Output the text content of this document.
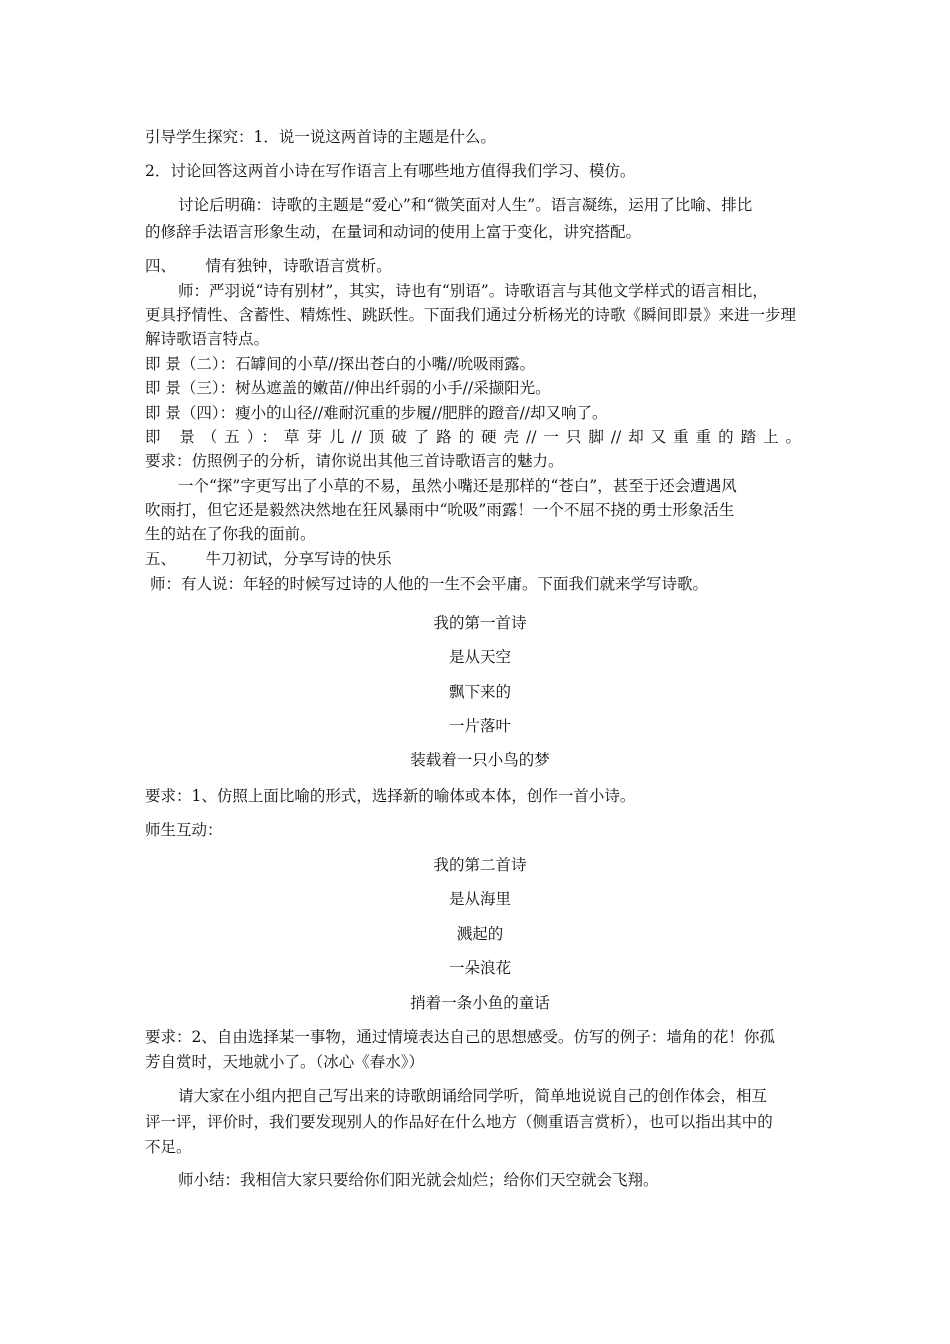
引导学生探究：1．说一说这两首诗的主题是什么。
2．讨论回答这两首小诗在写作语言上有哪些地方值得我们学习、模仿。
讨论后明确：诗歌的主题是“爱心”和“微笑面对人生”。语言凝练，运用了比喻、排比
的修辞手法语言形象生动，在量词和动词的使用上富于变化，讲究搭配。
四、      情有独钟，诗歌语言赏析。
师：严羽说“诗有别材”，其实，诗也有“别语”。诗歌语言与其他文学样式的语言相比，
更具抒情性、含蓄性、精炼性、跳跃性。下面我们通过分析杨光的诗歌《瞬间即景》来进一步理
解诗歌语言特点。
即 景（二）：石罅间的小草//探出苍白的小嘴//吮吸雨露。
即 景（三）：树丛遮盖的嫩苗//伸出纤弱的小手//采撷阳光。
即 景（四）：瘦小的山径//难耐沉重的步履//肥胖的蹬音//却又响了。
即 景（五）：草芽儿//顶破了路的硬壳//一只脚//却又重重的踏上。
要求：仿照例子的分析，请你说出其他三首诗歌语言的魅力。
一个“探”字更写出了小草的不易，虽然小嘴还是那样的“苍白”，甚至于还会遭遇风
吹雨打，但它还是毅然决然地在狂风暴雨中“吮吸”雨露！一个不屈不挠的勇士形象活生
生的站在了你我的面前。
五、      牛刀初试，分享写诗的快乐
师：有人说：年轻的时候写过诗的人他的一生不会平庸。下面我们就来学写诗歌。
我的第一首诗
是从天空
飘下来的
一片落叶
装载着一只小鸟的梦
要求：1、仿照上面比喻的形式，选择新的喻体或本体，创作一首小诗。
师生互动：
我的第二首诗
是从海里
溅起的
一朵浪花
捎着一条小鱼的童话
要求：2、自由选择某一事物，通过情境表达自己的思想感受。仿写的例子：墙角的花！你孤
芳自赏时，天地就小了。（冰心《春水》）
请大家在小组内把自己写出来的诗歌朗诵给同学听，简单地说说自己的创作体会，相互
评一评，评价时，我们要发现别人的作品好在什么地方（侧重语言赏析），也可以指出其中的
不足。
师小结：我相信大家只要给你们阳光就会灿烂；给你们天空就会飞翔。
